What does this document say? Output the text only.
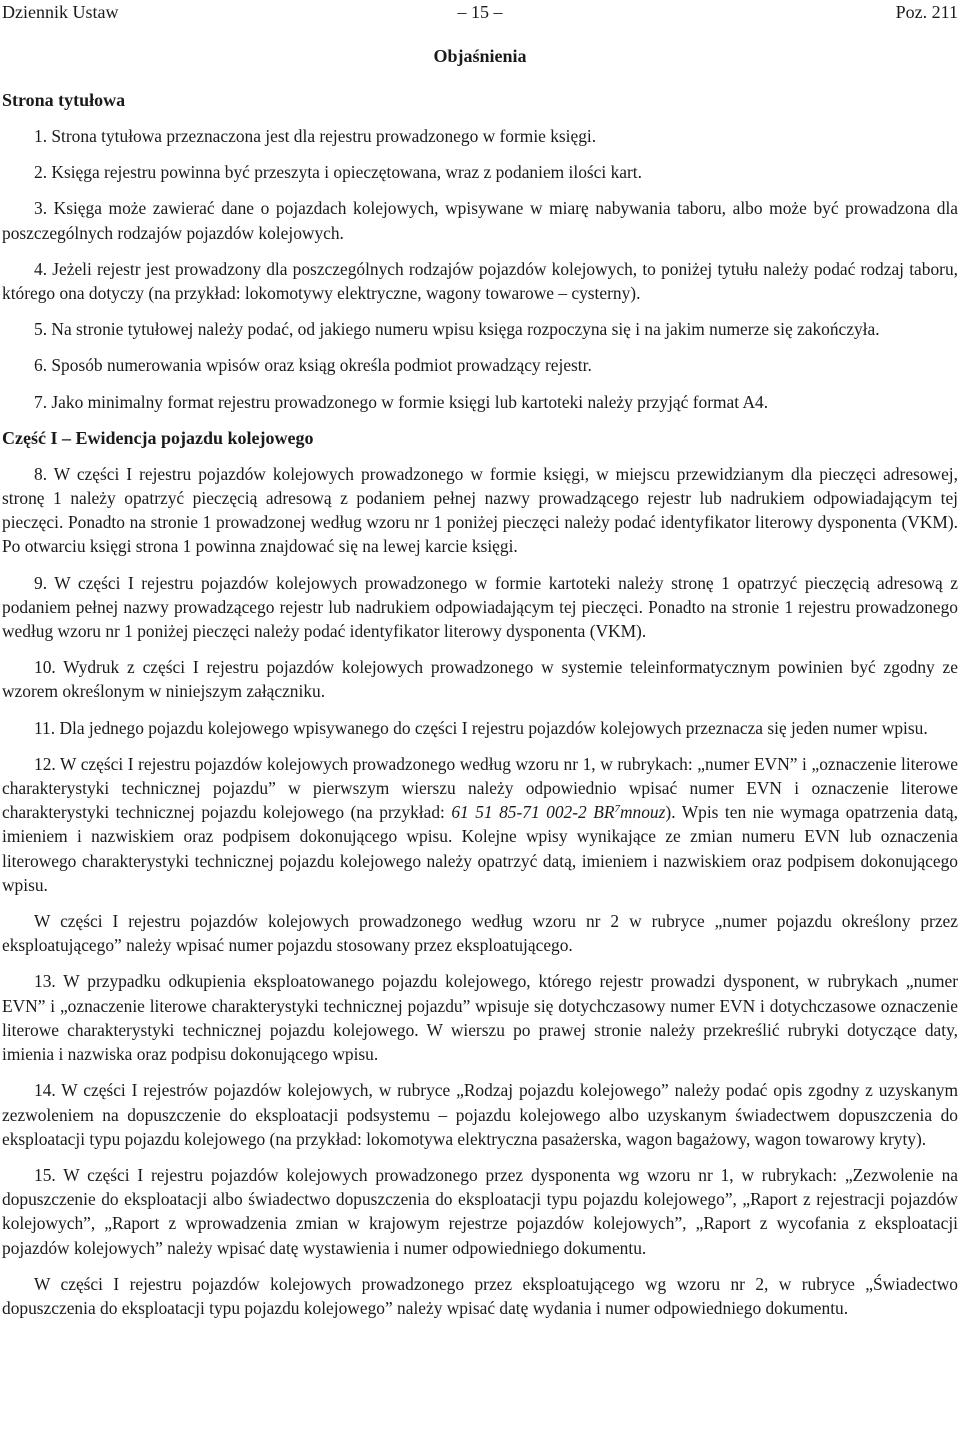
Dziennik Ustaw	– 15 –	Poz. 211
Objaśnienia
Strona tytułowa
1. Strona tytułowa przeznaczona jest dla rejestru prowadzonego w formie księgi.
2. Księga rejestru powinna być przeszyta i opieczętowana, wraz z podaniem ilości kart.
3. Księga może zawierać dane o pojazdach kolejowych, wpisywane w miarę nabywania taboru, albo może być prowadzona dla poszczególnych rodzajów pojazdów kolejowych.
4. Jeżeli rejestr jest prowadzony dla poszczególnych rodzajów pojazdów kolejowych, to poniżej tytułu należy podać rodzaj taboru, którego ona dotyczy (na przykład: lokomotywy elektryczne, wagony towarowe – cysterny).
5. Na stronie tytułowej należy podać, od jakiego numeru wpisu księga rozpoczyna się i na jakim numerze się zakończyła.
6. Sposób numerowania wpisów oraz ksiąg określa podmiot prowadzący rejestr.
7. Jako minimalny format rejestru prowadzonego w formie księgi lub kartoteki należy przyjąć format A4.
Część I – Ewidencja pojazdu kolejowego
8. W części I rejestru pojazdów kolejowych prowadzonego w formie księgi, w miejscu przewidzianym dla pieczęci adresowej, stronę 1 należy opatrzyć pieczęcią adresową z podaniem pełnej nazwy prowadzącego rejestr lub nadrukiem odpowiadającym tej pieczęci. Ponadto na stronie 1 prowadzonej według wzoru nr 1 poniżej pieczęci należy podać identyfikator literowy dysponenta (VKM). Po otwarciu księgi strona 1 powinna znajdować się na lewej karcie księgi.
9. W części I rejestru pojazdów kolejowych prowadzonego w formie kartoteki należy stronę 1 opatrzyć pieczęcią adresową z podaniem pełnej nazwy prowadzącego rejestr lub nadrukiem odpowiadającym tej pieczęci. Ponadto na stronie 1 rejestru prowadzonego według wzoru nr 1 poniżej pieczęci należy podać identyfikator literowy dysponenta (VKM).
10. Wydruk z części I rejestru pojazdów kolejowych prowadzonego w systemie teleinformatycznym powinien być zgodny ze wzorem określonym w niniejszym załączniku.
11. Dla jednego pojazdu kolejowego wpisywanego do części I rejestru pojazdów kolejowych przeznacza się jeden numer wpisu.
12. W części I rejestru pojazdów kolejowych prowadzonego według wzoru nr 1, w rubrykach: „numer EVN” i „oznaczenie literowe charakterystyki technicznej pojazdu” w pierwszym wierszu należy odpowiednio wpisać numer EVN i oznaczenie literowe charakterystyki technicznej pojazdu kolejowego (na przykład: 61 51 85-71 002-2 $BR^7mnouz$). Wpis ten nie wymaga opatrzenia datą, imieniem i nazwiskiem oraz podpisem dokonującego wpisu. Kolejne wpisy wynikające ze zmian numeru EVN lub oznaczenia literowego charakterystyki technicznej pojazdu kolejowego należy opatrzyć datą, imieniem i nazwiskiem oraz podpisem dokonującego wpisu.
W części I rejestru pojazdów kolejowych prowadzonego według wzoru nr 2 w rubryce „numer pojazdu określony przez eksploatującego” należy wpisać numer pojazdu stosowany przez eksploatującego.
13. W przypadku odkupienia eksploatowanego pojazdu kolejowego, którego rejestr prowadzi dysponent, w rubrykach „numer EVN” i „oznaczenie literowe charakterystyki technicznej pojazdu” wpisuje się dotychczasowy numer EVN i dotychczasowe oznaczenie literowe charakterystyki technicznej pojazdu kolejowego. W wierszu po prawej stronie należy przekreślić rubryki dotyczące daty, imienia i nazwiska oraz podpisu dokonującego wpisu.
14. W części I rejestrów pojazdów kolejowych, w rubryce „Rodzaj pojazdu kolejowego” należy podać opis zgodny z uzyskanym zezwoleniem na dopuszczenie do eksploatacji podsystemu – pojazdu kolejowego albo uzyskanym świadectwem dopuszczenia do eksploatacji typu pojazdu kolejowego (na przykład: lokomotywa elektryczna pasażerska, wagon bagażowy, wagon towarowy kryty).
15. W części I rejestru pojazdów kolejowych prowadzonego przez dysponenta wg wzoru nr 1, w rubrykach: „Zezwolenie na dopuszczenie do eksploatacji albo świadectwo dopuszczenia do eksploatacji typu pojazdu kolejowego”, „Raport z rejestracji pojazdów kolejowych”, „Raport z wprowadzenia zmian w krajowym rejestrze pojazdów kolejowych”, „Raport z wycofania z eksploatacji pojazdów kolejowych” należy wpisać datę wystawienia i numer odpowiedniego dokumentu.
W części I rejestru pojazdów kolejowych prowadzonego przez eksploatującego wg wzoru nr 2, w rubryce „Świadectwo dopuszczenia do eksploatacji typu pojazdu kolejowego” należy wpisać datę wydania i numer odpowiedniego dokumentu.
